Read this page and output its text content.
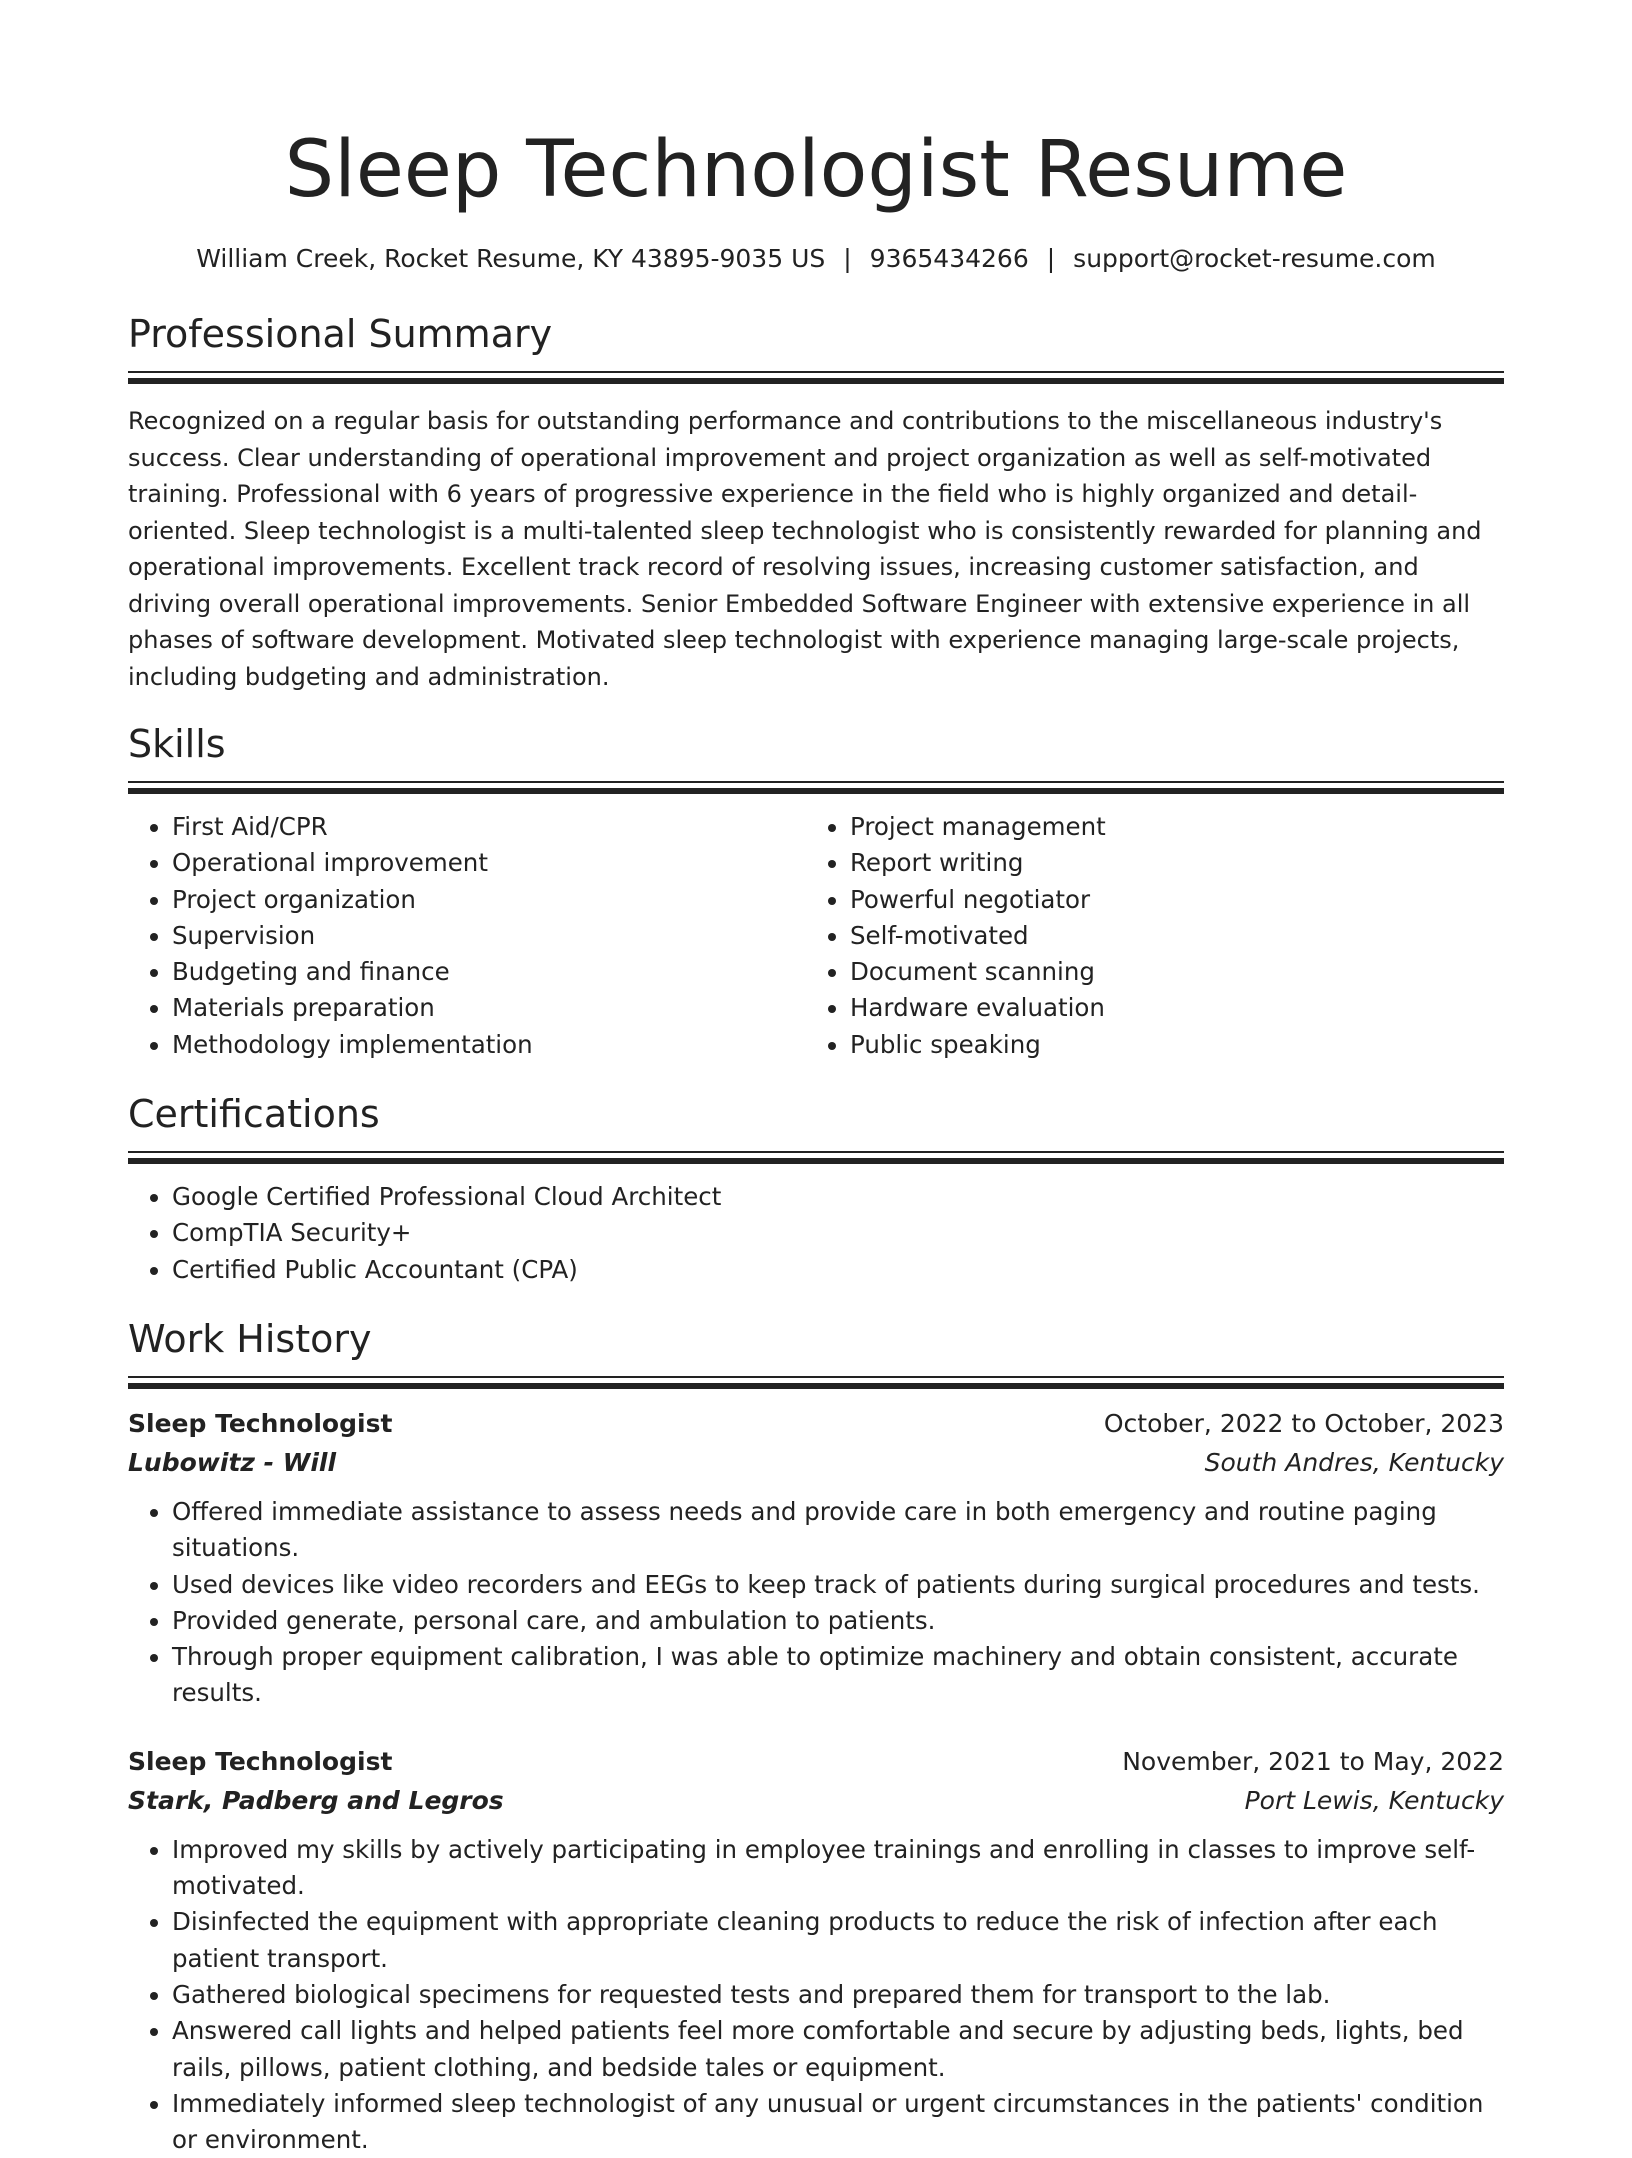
Sleep Technologist Resume
William Creek, Rocket Resume, KY 43895-9035 US | 9365434266 | support@rocket-resume.com
Professional Summary
Recognized on a regular basis for outstanding performance and contributions to the miscellaneous industry's success. Clear understanding of operational improvement and project organization as well as self-motivated training. Professional with 6 years of progressive experience in the field who is highly organized and detail-oriented. Sleep technologist is a multi-talented sleep technologist who is consistently rewarded for planning and operational improvements. Excellent track record of resolving issues, increasing customer satisfaction, and driving overall operational improvements. Senior Embedded Software Engineer with extensive experience in all phases of software development. Motivated sleep technologist with experience managing large-scale projects, including budgeting and administration.
Skills
• First Aid/CPR
• Operational improvement
• Project organization
• Supervision
• Budgeting and finance
• Materials preparation
• Methodology implementation
• Project management
• Report writing
• Powerful negotiator
• Self-motivated
• Document scanning
• Hardware evaluation
• Public speaking
Certifications
• Google Certified Professional Cloud Architect
• CompTIA Security+
• Certified Public Accountant (CPA)
Work History
Sleep Technologist	October, 2022 to October, 2023
Lubowitz - Will	South Andres, Kentucky
• Offered immediate assistance to assess needs and provide care in both emergency and routine paging situations.
• Used devices like video recorders and EEGs to keep track of patients during surgical procedures and tests.
• Provided generate, personal care, and ambulation to patients.
• Through proper equipment calibration, I was able to optimize machinery and obtain consistent, accurate results.
Sleep Technologist	November, 2021 to May, 2022
Stark, Padberg and Legros	Port Lewis, Kentucky
• Improved my skills by actively participating in employee trainings and enrolling in classes to improve self-motivated.
• Disinfected the equipment with appropriate cleaning products to reduce the risk of infection after each patient transport.
• Gathered biological specimens for requested tests and prepared them for transport to the lab.
• Answered call lights and helped patients feel more comfortable and secure by adjusting beds, lights, bed rails, pillows, patient clothing, and bedside tales or equipment.
• Immediately informed sleep technologist of any unusual or urgent circumstances in the patients' condition or environment.
